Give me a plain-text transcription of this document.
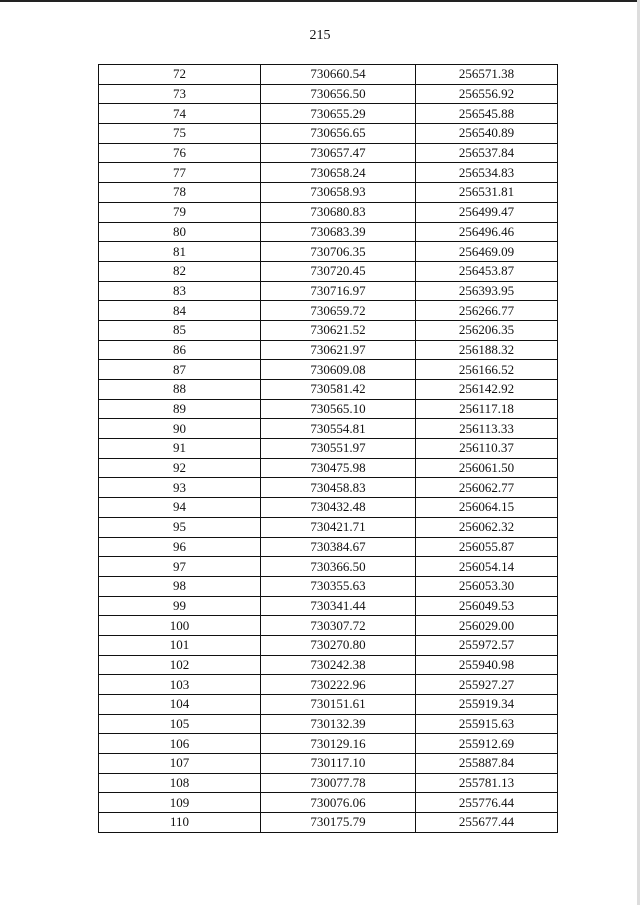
215
72	730660.54	256571.38
73	730656.50	256556.92
74	730655.29	256545.88
75	730656.65	256540.89
76	730657.47	256537.84
77	730658.24	256534.83
78	730658.93	256531.81
79	730680.83	256499.47
80	730683.39	256496.46
81	730706.35	256469.09
82	730720.45	256453.87
83	730716.97	256393.95
84	730659.72	256266.77
85	730621.52	256206.35
86	730621.97	256188.32
87	730609.08	256166.52
88	730581.42	256142.92
89	730565.10	256117.18
90	730554.81	256113.33
91	730551.97	256110.37
92	730475.98	256061.50
93	730458.83	256062.77
94	730432.48	256064.15
95	730421.71	256062.32
96	730384.67	256055.87
97	730366.50	256054.14
98	730355.63	256053.30
99	730341.44	256049.53
100	730307.72	256029.00
101	730270.80	255972.57
102	730242.38	255940.98
103	730222.96	255927.27
104	730151.61	255919.34
105	730132.39	255915.63
106	730129.16	255912.69
107	730117.10	255887.84
108	730077.78	255781.13
109	730076.06	255776.44
110	730175.79	255677.44
